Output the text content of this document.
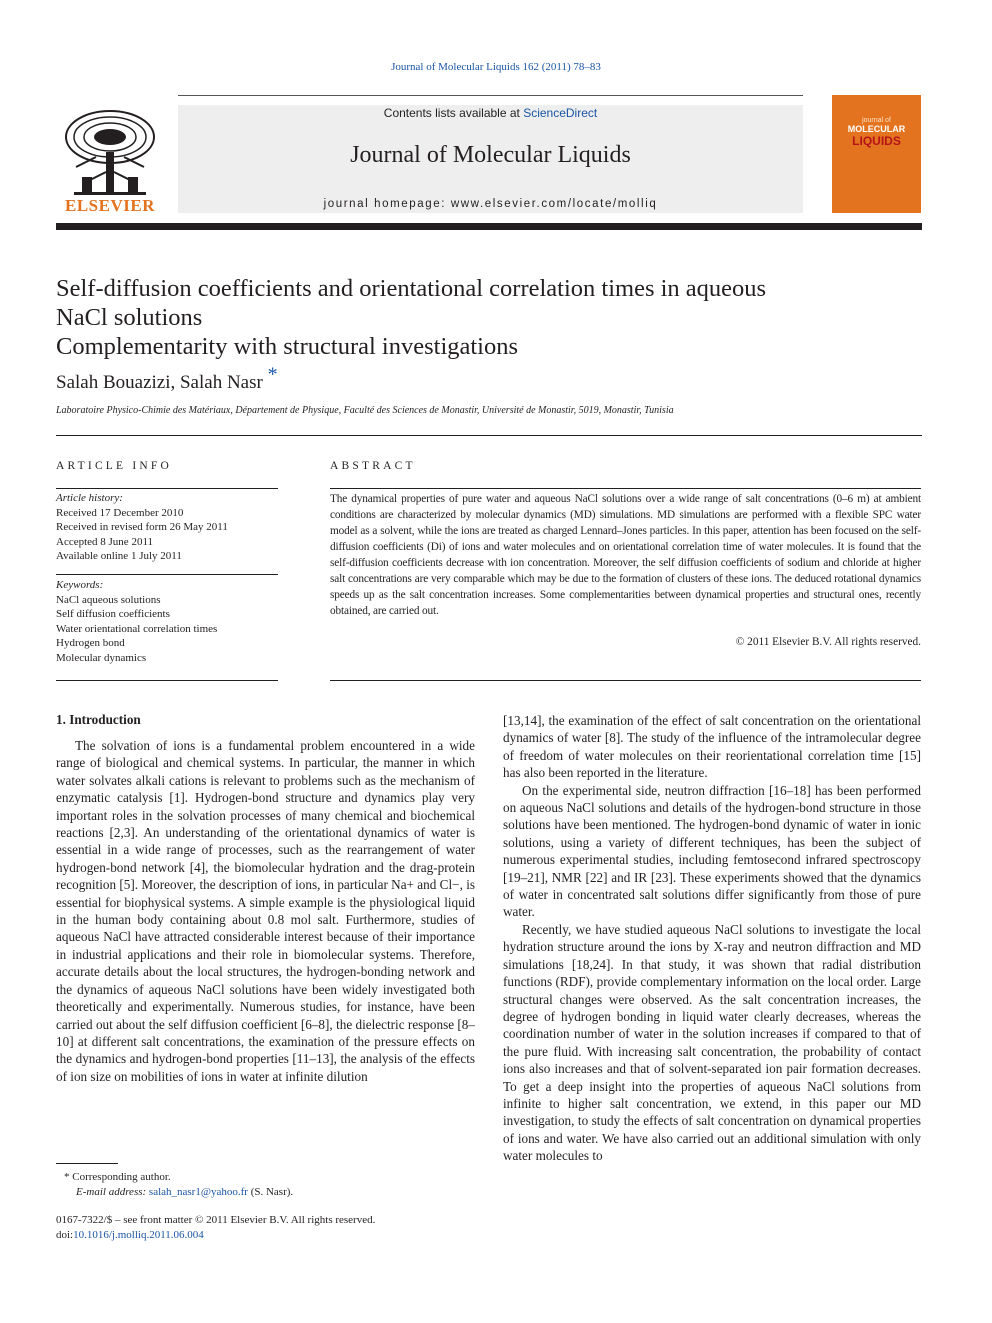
Journal of Molecular Liquids 162 (2011) 78–83
ELSEVIER
Contents lists available at ScienceDirect
Journal of Molecular Liquids
journal homepage: www.elsevier.com/locate/molliq
journal of
MOLECULAR
LIQUIDS
Self-diffusion coefficients and orientational correlation times in aqueous
NaCl solutions
Complementarity with structural investigations
Salah Bouazizi, Salah Nasr *
Laboratoire Physico-Chimie des Matériaux, Département de Physique, Faculté des Sciences de Monastir, Université de Monastir, 5019, Monastir, Tunisia
ARTICLE INFO
Article history:
Received 17 December 2010
Received in revised form 26 May 2011
Accepted 8 June 2011
Available online 1 July 2011
Keywords:
NaCl aqueous solutions
Self diffusion coefficients
Water orientational correlation times
Hydrogen bond
Molecular dynamics
ABSTRACT
The dynamical properties of pure water and aqueous NaCl solutions over a wide range of salt concentrations (0–6 m) at ambient conditions are characterized by molecular dynamics (MD) simulations. MD simulations are performed with a flexible SPC water model as a solvent, while the ions are treated as charged Lennard–Jones particles. In this paper, attention has been focused on the self-diffusion coefficients (Di) of ions and water molecules and on orientational correlation time of water molecules. It is found that the self-diffusion coefficients decrease with ion concentration. Moreover, the self diffusion coefficients of sodium and chloride at higher salt concentrations are very comparable which may be due to the formation of clusters of these ions. The deduced rotational dynamics speeds up as the salt concentration increases. Some complementarities between dynamical properties and structural ones, recently obtained, are carried out.
© 2011 Elsevier B.V. All rights reserved.
1. Introduction

The solvation of ions is a fundamental problem encountered in a wide range of biological and chemical systems. In particular, the manner in which water solvates alkali cations is relevant to problems such as the mechanism of enzymatic catalysis [1]. Hydrogen-bond structure and dynamics play very important roles in the solvation processes of many chemical and biochemical reactions [2,3]. An understanding of the orientational dynamics of water is essential in a wide range of processes, such as the rearrangement of water hydrogen-bond network [4], the biomolecular hydration and the drag-protein recognition [5]. Moreover, the description of ions, in particular Na+ and Cl−, is essential for biophysical systems. A simple example is the physiological liquid in the human body containing about 0.8 mol salt. Furthermore, studies of aqueous NaCl have attracted considerable interest because of their importance in industrial applications and their role in biomolecular systems. Therefore, accurate details about the local structures, the hydrogen-bonding network and the dynamics of aqueous NaCl solutions have been widely investigated both theoretically and experimentally. Numerous studies, for instance, have been carried out about the self diffusion coefficient [6–8], the dielectric response [8–10] at different salt concentrations, the examination of the pressure effects on the dynamics and hydrogen-bond properties [11–13], the analysis of the effects of ion size on mobilities of ions in water at infinite dilution

[13,14], the examination of the effect of salt concentration on the orientational dynamics of water [8]. The study of the influence of the intramolecular degree of freedom of water molecules on their reorientational correlation time [15] has also been reported in the literature.

On the experimental side, neutron diffraction [16–18] has been performed on aqueous NaCl solutions and details of the hydrogen-bond structure in those solutions have been mentioned. The hydrogen-bond dynamic of water in ionic solutions, using a variety of different techniques, has been the subject of numerous experimental studies, including femtosecond infrared spectroscopy [19–21], NMR [22] and IR [23]. These experiments showed that the dynamics of water in concentrated salt solutions differ significantly from those of pure water.

Recently, we have studied aqueous NaCl solutions to investigate the local hydration structure around the ions by X-ray and neutron diffraction and MD simulations [18,24]. In that study, it was shown that radial distribution functions (RDF), provide complementary information on the local order. Large structural changes were observed. As the salt concentration increases, the degree of hydrogen bonding in liquid water clearly decreases, whereas the coordination number of water in the solution increases if compared to that of the pure fluid. With increasing salt concentration, the probability of contact ions also increases and that of solvent-separated ion pair formation decreases. To get a deep insight into the properties of aqueous NaCl solutions from infinite to higher salt concentration, we extend, in this paper our MD investigation, to study the effects of salt concentration on dynamical properties of ions and water. We have also carried out an additional simulation with only water molecules to

* Corresponding author.
E-mail address: salah_nasr1@yahoo.fr (S. Nasr).
0167-7322/$ – see front matter © 2011 Elsevier B.V. All rights reserved.
doi:10.1016/j.molliq.2011.06.004
